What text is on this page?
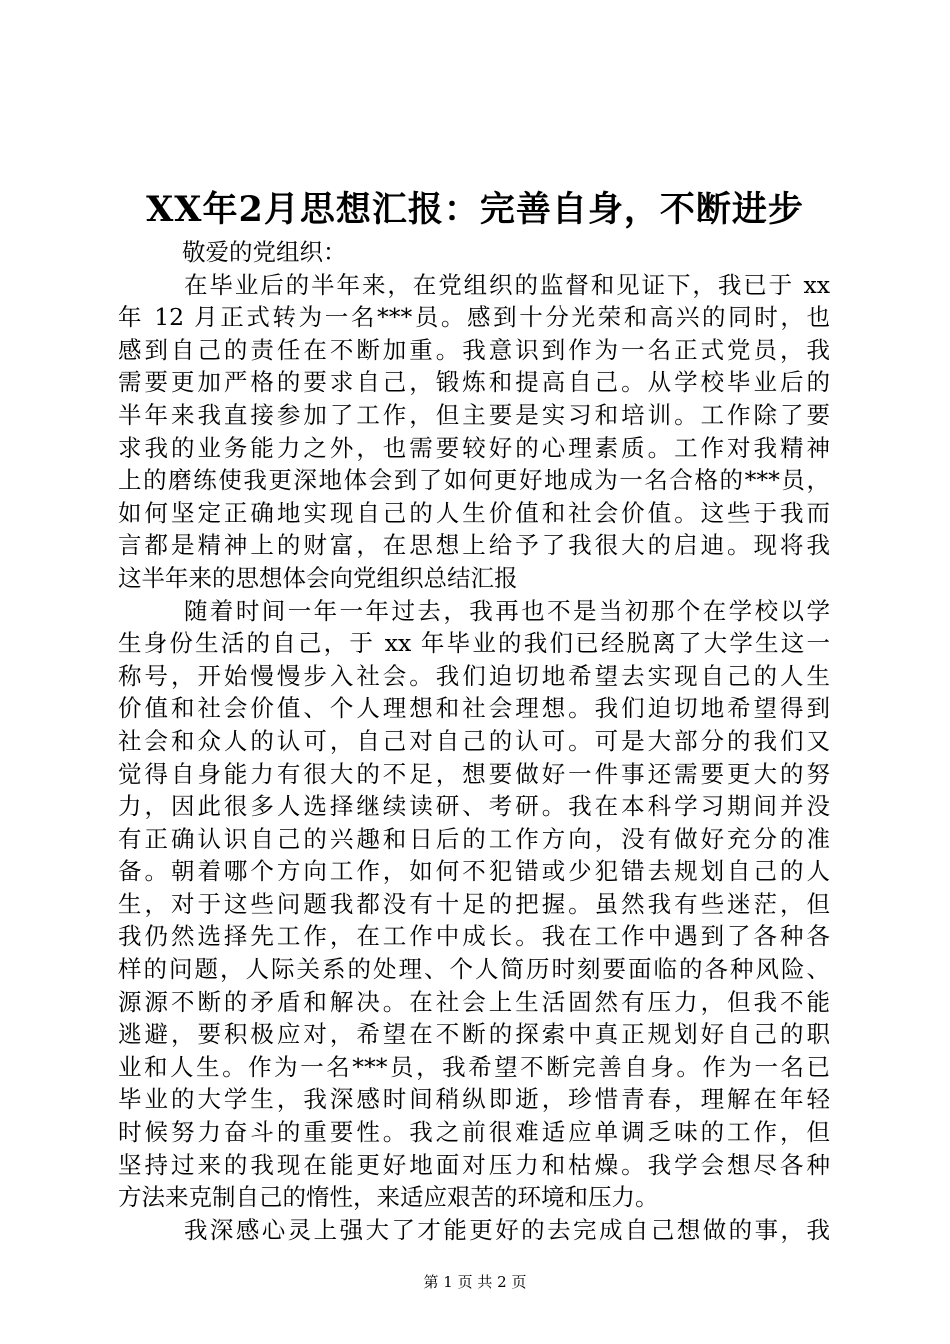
XX年2月思想汇报：完善自身，不断进步
敬爱的党组织：
在毕业后的半年来，在党组织的监督和见证下，我已于 xx
年 12 月正式转为一名***员。感到十分光荣和高兴的同时，也
感到自己的责任在不断加重。我意识到作为一名正式党员，我
需要更加严格的要求自己，锻炼和提高自己。从学校毕业后的
半年来我直接参加了工作，但主要是实习和培训。工作除了要
求我的业务能力之外，也需要较好的心理素质。工作对我精神
上的磨练使我更深地体会到了如何更好地成为一名合格的***员，
如何坚定正确地实现自己的人生价值和社会价值。这些于我而
言都是精神上的财富，在思想上给予了我很大的启迪。现将我
这半年来的思想体会向党组织总结汇报
随着时间一年一年过去，我再也不是当初那个在学校以学
生身份生活的自己，于 xx 年毕业的我们已经脱离了大学生这一
称号，开始慢慢步入社会。我们迫切地希望去实现自己的人生
价值和社会价值、个人理想和社会理想。我们迫切地希望得到
社会和众人的认可，自己对自己的认可。可是大部分的我们又
觉得自身能力有很大的不足，想要做好一件事还需要更大的努
力，因此很多人选择继续读研、考研。我在本科学习期间并没
有正确认识自己的兴趣和日后的工作方向，没有做好充分的准
备。朝着哪个方向工作，如何不犯错或少犯错去规划自己的人
生，对于这些问题我都没有十足的把握。虽然我有些迷茫，但
我仍然选择先工作，在工作中成长。我在工作中遇到了各种各
样的问题，人际关系的处理、个人简历时刻要面临的各种风险、
源源不断的矛盾和解决。在社会上生活固然有压力，但我不能
逃避，要积极应对，希望在不断的探索中真正规划好自己的职
业和人生。作为一名***员，我希望不断完善自身。作为一名已
毕业的大学生，我深感时间稍纵即逝，珍惜青春，理解在年轻
时候努力奋斗的重要性。我之前很难适应单调乏味的工作，但
坚持过来的我现在能更好地面对压力和枯燥。我学会想尽各种
方法来克制自己的惰性，来适应艰苦的环境和压力。
我深感心灵上强大了才能更好的去完成自己想做的事，我
第 1 页 共 2 页
